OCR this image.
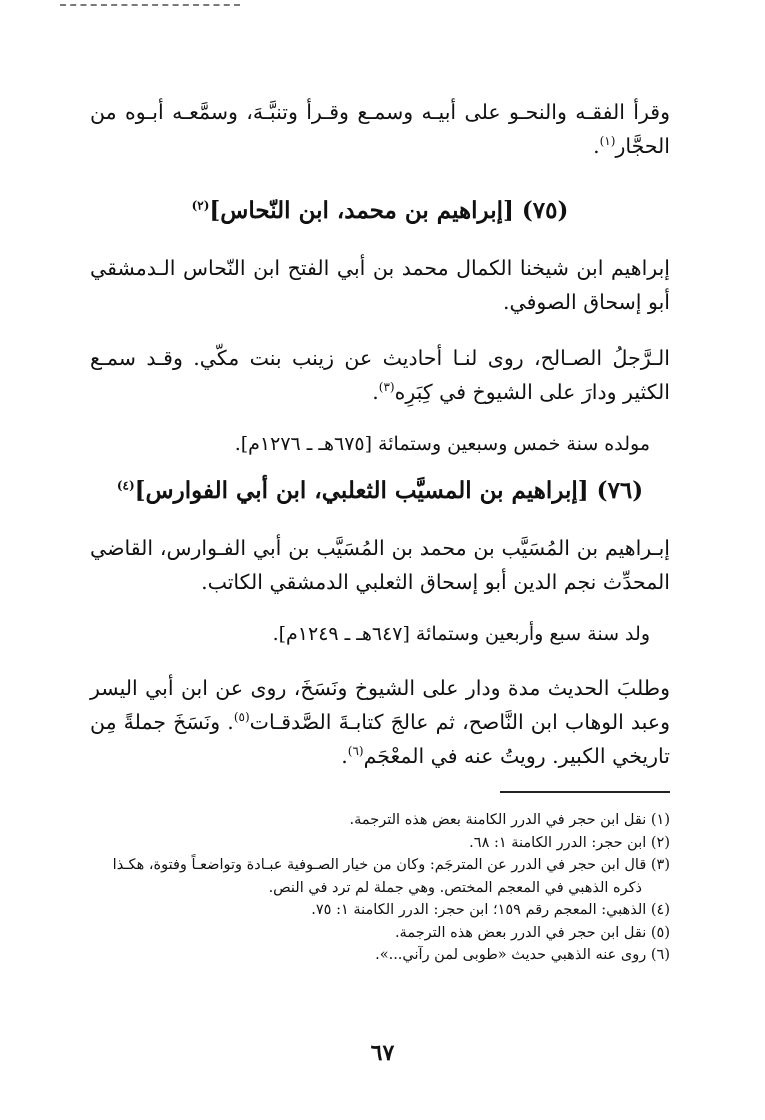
وقرأ الفقـه والنحـو على أبيـه وسمـع وقـرأ وتنبَّـهَ، وسمَّعـه أبـوه من الحجَّار$^{(١)}$.

(٧٥) [إبراهيم بن محمد، ابن النّحاس]$^{(٢)}$

إبراهيم ابن شيخنا الكمال محمد بن أبي الفتح ابن النّحاس الـدمشقي أبو إسحاق الصوفي.

الـرَّجلُ الصـالح، روى لنـا أحاديث عن زينب بنت مكّي. وقـد سمـع الكثير ودارَ على الشيوخ في كِبَرِه$^{(٣)}$.

مولده سنة خمس وسبعين وستمائة [٦٧٥هـ ـ ١٢٧٦م].

(٧٦) [إبراهيم بن المسيَّب الثعلبي، ابن أبي الفوارس]$^{(٤)}$

إبـراهيم بن المُسَيَّب بن محمد بن المُسَيَّب بن أبي الفـوارس، القاضي المحدِّث نجم الدين أبو إسحاق الثعلبي الدمشقي الكاتب.

ولد سنة سبع وأربعين وستمائة [٦٤٧هـ ـ ١٢٤٩م].

وطلبَ الحديث مدة ودار على الشيوخ ونَسَخَ، روى عن ابن أبي اليسر وعبد الوهاب ابن النَّاصح، ثم عالجَ كتابـةَ الصَّدقـات$^{(٥)}$. ونَسَخَ جملةً مِن تاريخي الكبير. رويتُ عنه في المعْجَم$^{(٦)}$.

(١) نقل ابن حجر في الدرر الكامنة بعض هذه الترجمة.

(٢) ابن حجر: الدرر الكامنة ١: ٦٨.

(٣) قال ابن حجر في الدرر عن المترجَم: وكان من خيار الصـوفية عبـادة وتواضعـاً وفتوة، هكـذا

ذكره الذهبي في المعجم المختص. وهي جملة لم ترد في النص.

(٤) الذهبي: المعجم رقم ١٥٩؛ ابن حجر: الدرر الكامنة ١: ٧٥.

(٥) نقل ابن حجر في الدرر بعض هذه الترجمة.

(٦) روى عنه الذهبي حديث «طوبى لمن رآني...».

٦٧
